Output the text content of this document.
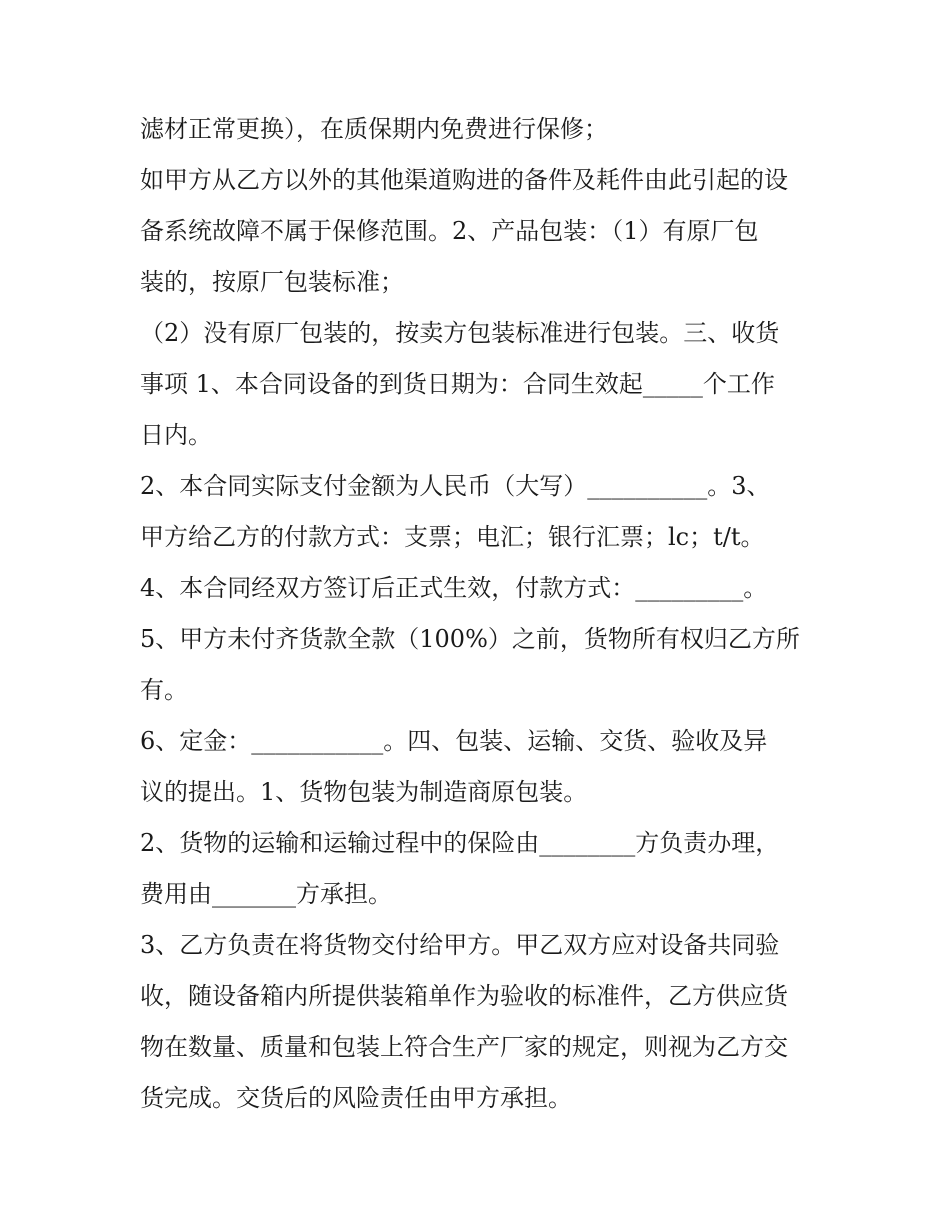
滤材正常更换），在质保期内免费进行保修；
如甲方从乙方以外的其他渠道购进的备件及耗件由此引起的设
备系统故障不属于保修范围。2、产品包装：（1）有原厂包
装的，按原厂包装标准；
（2）没有原厂包装的，按卖方包装标准进行包装。三、收货
事项 1、本合同设备的到货日期为：合同生效起_____个工作
日内。
2、本合同实际支付金额为人民币（大写）__________。3、
甲方给乙方的付款方式：支票；电汇；银行汇票；lc；t/t。
4、本合同经双方签订后正式生效，付款方式：_________。
5、甲方未付齐货款全款（100%）之前，货物所有权归乙方所
有。
6、定金：___________。四、包装、运输、交货、验收及异
议的提出。1、货物包装为制造商原包装。
2、货物的运输和运输过程中的保险由________方负责办理，
费用由_______方承担。
3、乙方负责在将货物交付给甲方。甲乙双方应对设备共同验
收，随设备箱内所提供装箱单作为验收的标准件，乙方供应货
物在数量、质量和包装上符合生产厂家的规定，则视为乙方交
货完成。交货后的风险责任由甲方承担。
